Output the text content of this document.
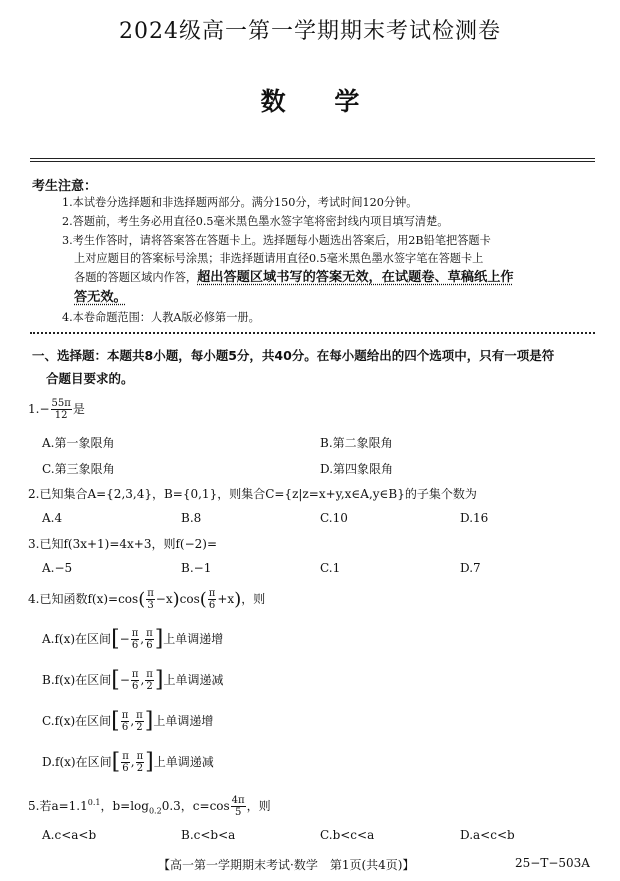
2024级高一第一学期期末考试检测卷
数 学
考生注意：
1.本试卷分选择题和非选择题两部分。满分150分，考试时间120分钟。
2.答题前，考生务必用直径0.5毫米黑色墨水签字笔将密封线内项目填写清楚。
3.考生作答时，请将答案答在答题卡上。选择题每小题选出答案后，用2B铅笔把答题卡
上对应题目的答案标号涂黑；非选择题请用直径0.5毫米黑色墨水签字笔在答题卡上
各题的答题区域内作答，超出答题区域书写的答案无效，在试题卷、草稿纸上作
答无效。
4.本卷命题范围：人教A版必修第一册。
一、选择题：本题共8小题，每小题5分，共40分。在每小题给出的四个选项中，只有一项是符
合题目要求的。
$1.- \frac{55\pi}{12}$ 是
A.第一象限角	B.第二象限角
C.第三象限角	D.第四象限角
2.已知集合A={2,3,4}，B={0,1}，则集合C={z|z=x+y,x∈A,y∈B}的子集个数为
A.4	B.8	C.10	D.16
3.已知f(3x+1)=4x+3，则f(−2)=
A.−5	B.−1	C.1	D.7
4.已知函数$f(x)=\cos( \frac{\pi}{3} -x)\cos( \frac{\pi}{6} +x)$，则
A.f(x)在区间[− $\frac{\pi}{6}$ , $\frac{\pi}{6}$ ]上单调递增
B.f(x)在区间[− $\frac{\pi}{6}$ , $\frac{\pi}{2}$ ]上单调递减
C.f(x)在区间[ $\frac{\pi}{6}$ , $\frac{\pi}{2}$ ]上单调递增
D.f(x)在区间[ $\frac{\pi}{6}$ , $\frac{\pi}{2}$ ]上单调递减
5.若$a=1.1^{0.1}$，$b=\log_{0.2}0.3$，$c=\cos \frac{4\pi}{5}$ ，则
A.c<a<b	B.c<b<a	C.b<c<a	D.a<c<b
【高一第一学期期末考试·数学　第1页(共4页)】	25−T−503A
